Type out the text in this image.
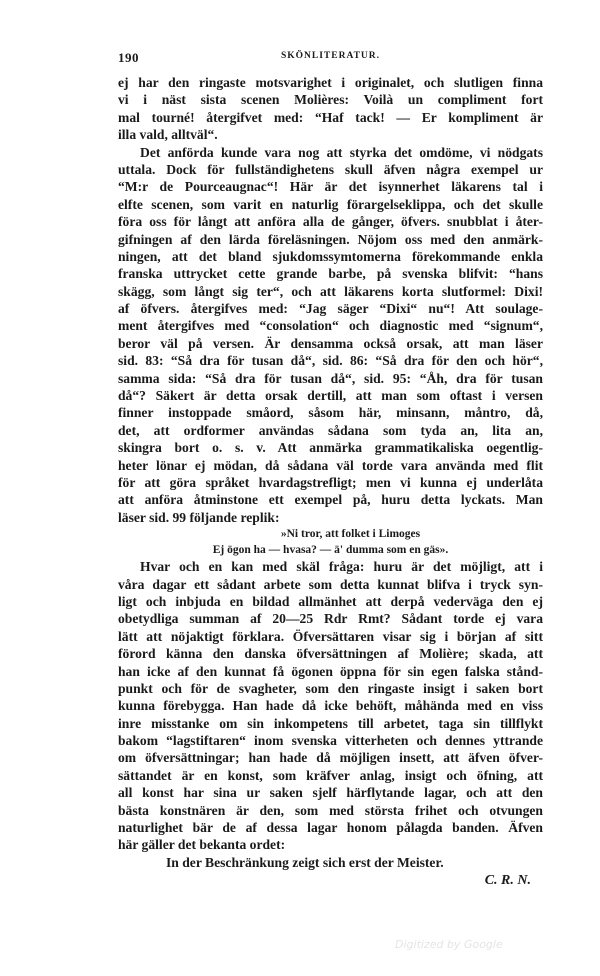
190	SKÖNLITERATUR.
ej har den ringaste motsvarighet i originalet, och slutligen finna
vi i näst sista scenen Molières: Voilà un compliment fort
mal tourné! återgifvet med: “Haf tack! — Er kompliment är
illa vald, alltväl“.
Det anförda kunde vara nog att styrka det omdöme, vi nödgats
uttala. Dock för fullständighetens skull äfven några exempel ur
“M:r de Pourceaugnac“! Här är det isynnerhet läkarens tal i
elfte scenen, som varit en naturlig förargelseklippa, och det skulle
föra oss för långt att anföra alla de gånger, öfvers. snubblat i åter-
gifningen af den lärda föreläsningen. Nöjom oss med den anmärk-
ningen, att det bland sjukdomssymtomerna förekommande enkla
franska uttrycket cette grande barbe, på svenska blifvit: “hans
skägg, som långt sig ter“, och att läkarens korta slutformel: Dixi!
af öfvers. återgifves med: “Jag säger “Dixi“ nu“! Att soulage-
ment återgifves med “consolation“ och diagnostic med “signum“,
beror väl på versen. Är densamma också orsak, att man läser
sid. 83: “Så dra för tusan då“, sid. 86: “Så dra för den och hör“,
samma sida: “Så dra för tusan då“, sid. 95: “Åh, dra för tusan
då“? Säkert är detta orsak dertill, att man som oftast i versen
finner instoppade småord, såsom här, minsann, måntro, då,
det, att ordformer användas sådana som tyda an, lita an,
skingra bort o. s. v. Att anmärka grammatikaliska oegentlig-
heter lönar ej mödan, då sådana väl torde vara använda med flit
för att göra språket hvardagstrefligt; men vi kunna ej underlåta
att anföra åtminstone ett exempel på, huru detta lyckats. Man
läser sid. 99 följande replik:
»Ni tror, att folket i Limoges
Ej ögon ha — hvasa? — ä' dumma som en gäs».
Hvar och en kan med skäl fråga: huru är det möjligt, att i
våra dagar ett sådant arbete som detta kunnat blifva i tryck syn-
ligt och inbjuda en bildad allmänhet att derpå vederväga den ej
obetydliga summan af 20—25 Rdr Rmt? Sådant torde ej vara
lätt att nöjaktigt förklara. Öfversättaren visar sig i början af sitt
förord känna den danska öfversättningen af Molière; skada, att
han icke af den kunnat få ögonen öppna för sin egen falska stånd-
punkt och för de svagheter, som den ringaste insigt i saken bort
kunna förebygga. Han hade då icke behöft, måhända med en viss
inre misstanke om sin inkompetens till arbetet, taga sin tillflykt
bakom “lagstiftaren“ inom svenska vitterheten och dennes yttrande
om öfversättningar; han hade då möjligen insett, att äfven öfver-
sättandet är en konst, som kräfver anlag, insigt och öfning, att
all konst har sina ur saken sjelf härflytande lagar, och att den
bästa konstnären är den, som med största frihet och otvungen
naturlighet bär de af dessa lagar honom pålagda banden. Äfven
här gäller det bekanta ordet:
In der Beschränkung zeigt sich erst der Meister.
C. R. N.
Digitized by Google
